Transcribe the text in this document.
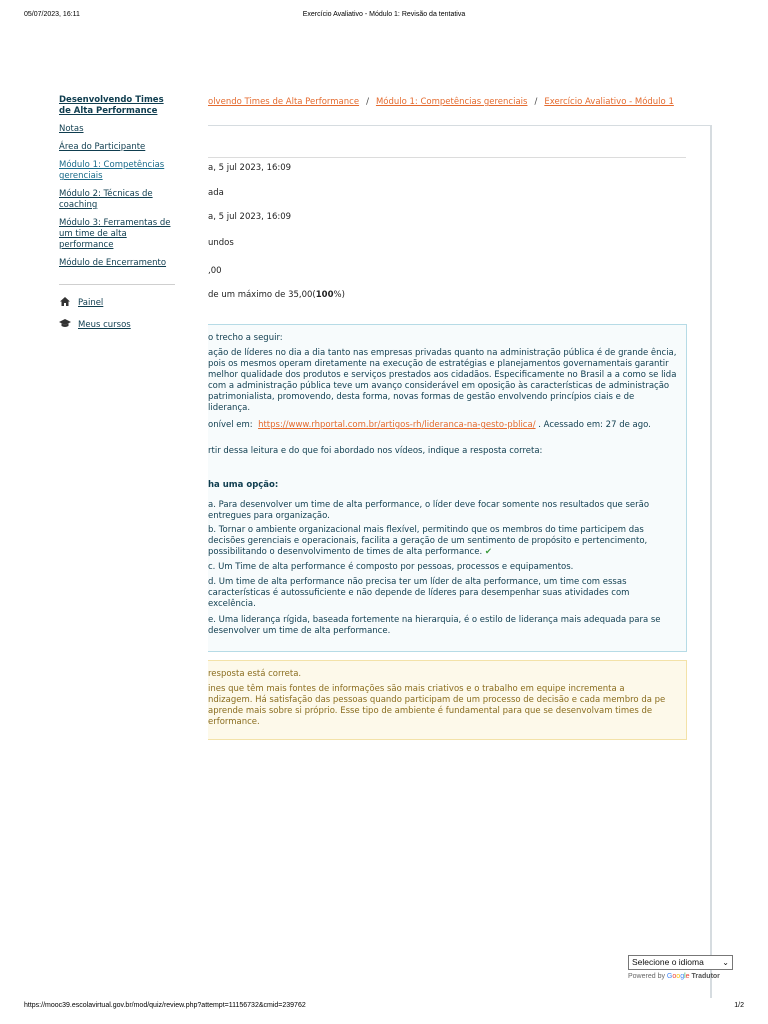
05/07/2023, 16:11	Exercício Avaliativo - Módulo 1: Revisão da tentativa
Desenvolvendo Times de Alta Performance
Notas
Área do Participante
Módulo 1: Competências gerenciais
Módulo 2: Técnicas de coaching
Módulo 3: Ferramentas de um time de alta performance
Módulo de Encerramento
Painel
Meus cursos
olvendo Times de Alta Performance / Módulo 1: Competências gerenciais / Exercício Avaliativo - Módulo 1
a, 5 jul 2023, 16:09
ada
a, 5 jul 2023, 16:09
undos
,00
de um máximo de 35,00(100%)

o trecho a seguir:

ação de líderes no dia a dia tanto nas empresas privadas quanto na administração pública é de grande ência, pois os mesmos operam diretamente na execução de estratégias e planejamentos governamentais garantir melhor qualidade dos produtos e serviços prestados aos cidadãos. Especificamente no Brasil a a como se lida com a administração pública teve um avanço considerável em oposição às características de administração patrimonialista, promovendo, desta forma, novas formas de gestão envolvendo princípios ciais e de liderança.

onível em: https://www.rhportal.com.br/artigos-rh/lideranca-na-gesto-pblica/ . Acessado em: 27 de ago.

rtir dessa leitura e do que foi abordado nos vídeos, indique a resposta correta:

ha uma opção:

a. Para desenvolver um time de alta performance, o líder deve focar somente nos resultados que serão entregues para organização.
b. Tornar o ambiente organizacional mais flexível, permitindo que os membros do time participem das decisões gerenciais e operacionais, facilita a geração de um sentimento de propósito e pertencimento, possibilitando o desenvolvimento de times de alta performance. ✔
c. Um Time de alta performance é composto por pessoas, processos e equipamentos.
d. Um time de alta performance não precisa ter um líder de alta performance, um time com essas características é autossuficiente e não depende de líderes para desempenhar suas atividades com excelência.
e. Uma liderança rígida, baseada fortemente na hierarquia, é o estilo de liderança mais adequada para se desenvolver um time de alta performance.

resposta está correta.

ines que têm mais fontes de informações são mais criativos e o trabalho em equipe incrementa a ndizagem. Há satisfação das pessoas quando participam de um processo de decisão e cada membro da pe aprende mais sobre si próprio. Esse tipo de ambiente é fundamental para que se desenvolvam times de erformance.

Selecione o idioma ⌄
Powered by Google Tradutor
https://mooc39.escolavirtual.gov.br/mod/quiz/review.php?attempt=11156732&cmid=239762	1/2
